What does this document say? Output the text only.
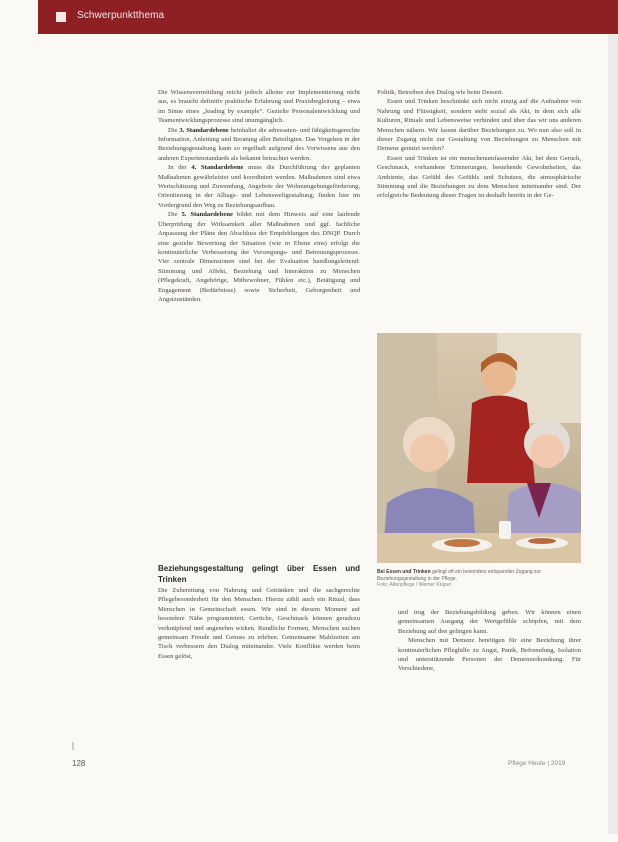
Schwerpunktthema

Die Wissensvermittlung reicht jedoch alleine zur Implementierung nicht aus, es braucht definitiv praktische Erfahrung und Praxisbegleitung – etwa im Sinne eines „leading by example“. Gezielte Personalentwicklung und Teamentwicklungsprozesse sind unumgänglich.

Die 3. Standardebene beinhaltet die adressaten- und fähigkeitsgerechte Information, Anleitung und Beratung aller Beteiligten. Das Vorgehen in der Beziehungsgestaltung kann so regelhaft aufgrund des Vorwissens aus den anderen Expertenstandards als bekannt betrachtet werden.

In der 4. Standardebene muss die Durchführung der geplanten Maßnahmen gewährleistet und koordiniert werden. Maßnahmen sind etwa Wertschätzung und Zuwendung, Angebote der Wohnumgebungsförderung, Orientierung in der Alltags- und Lebensweltgestaltung; finden hier im Vordergrund den Weg zu Beziehungsaufbau.

Die 5. Standardebene bildet mit dem Hinweis auf eine laufende Überprüfung der Wirksamkeit aller Maßnahmen und ggf. fachliche Anpassung der Pläne den Abschluss der Empfehlungen des DNQP. Durch eine gezielte Bewertung der Situation (wie in Ebene eins) erfolgt die kontinuierliche Verbesserung der Versorgungs- und Betreuungsprozesse. Vier zentrale Dimensionen sind bei der Evaluation handlungsleitend: Stimmung und Affekt, Beziehung und Interaktion zu Menschen (Pflegekraft, Angehörige, Mitbewohner, Fühlen etc.), Betätigung und Engagement (Bedürfnisse) sowie Sicherheit, Geborgenheit und Angstzuständen.

Beziehungsgestaltung gelingt über Essen und Trinken

Die Zubereitung von Nahrung und Getränken und die sachgerechte Pflegebesonderheit für den Menschen. Hierzu zählt auch ein Ritual, dass Menschen in Gemeinschaft essen. Wir sind in diesem Moment auf besondere Nähe programmiert. Gerüche, Geschmack können geradezu verknüpfend und angenehm wirken. Rundliche Formen, Menschen suchen gemeinsam Freude und Genuss zu erleben. Gemeinsame Mahlzeiten am Tisch verbessern den Dialog miteinander. Viele Konflikte werden beim Essen gelöst,

Politik, Betreiben den Dialog wie beim Dessert.

Essen und Trinken beschränkt sich nicht einzig auf die Aufnahme von Nahrung und Flüssigkeit, sondern steht sozial als Akt, in dem sich alle Kulturen, Rituale und Lebensweise verbinden und über das wir uns anderen Menschen nähern. Wir lassen darüber Beziehungen zu. Wo nun also soll in dieser Zugang nicht zur Gestaltung von Beziehungen zu Menschen mit Demenz genutzt werden?

Essen und Trinken ist ein menschenumfassender Akt, bei dem Geruch, Geschmack, vorhandene Erinnerungen, bestehende Gewohnheiten, das Ambiente, das Gefühl des Gefühls und Schutzes, die atmosphärische Stimmung und die Beziehungen zu dem Menschen miteinander sind. Der erfolgreiche Bedeutung dieser Fragen ist deshalb bereits in der Ge-

Bei Essen und Trinken gelingt oft ein besonders entspannter Zugang zur Beziehungsgestaltung in der Pflege.
Foto: Altenpflege / Werner Krüper

und trug der Beziehungsbildung geben. Wir können einen gemeinsamen Ausgang der Wertgefühle schöpfen, mit dem Beziehung auf den gelingen kann.

Menschen mit Demenz benötigen für eine Beziehung ihrer kontinuierlichen Pfleghilfe zu Angst, Panik, Befremdung, Isolation und unterstützende Personen der Demenzerkrankung. Für Verschiedene,

128	Pflege Heute | 2019
